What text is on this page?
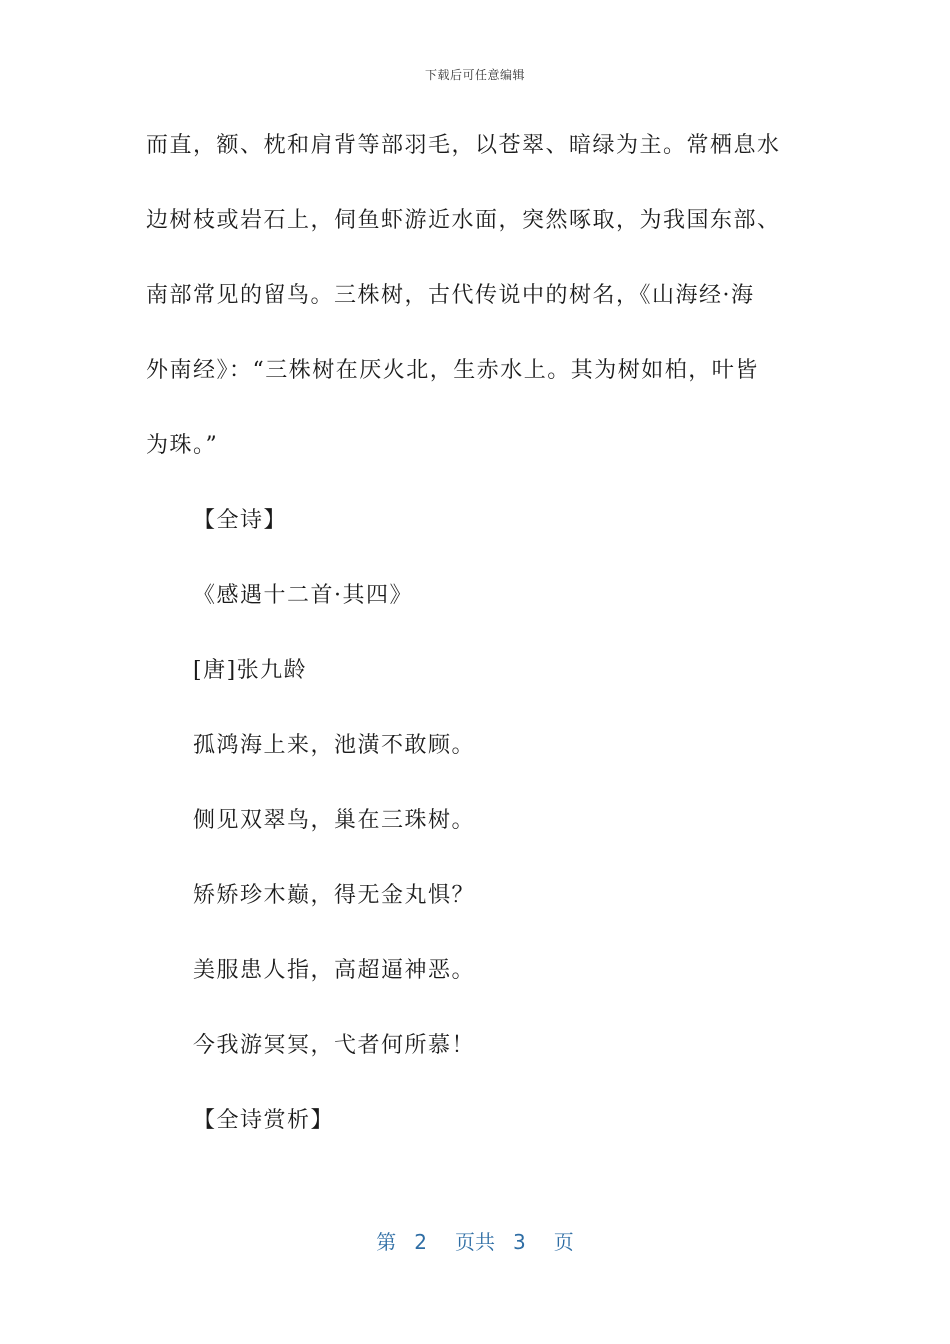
下载后可任意编辑
而直，额、枕和肩背等部羽毛，以苍翠、暗绿为主。常栖息水
边树枝或岩石上，伺鱼虾游近水面，突然啄取，为我国东部、
南部常见的留鸟。三株树，古代传说中的树名，《山海经·海
外南经》：“三株树在厌火北，生赤水上。其为树如柏，叶皆
为珠。”
【全诗】
《感遇十二首·其四》
[唐]张九龄
孤鸿海上来，池潢不敢顾。
侧见双翠鸟，巢在三珠树。
矫矫珍木巅，得无金丸惧？
美服患人指，高超逼神恶。
今我游冥冥，弋者何所慕！
【全诗赏析】
第 2 页共 3 页
